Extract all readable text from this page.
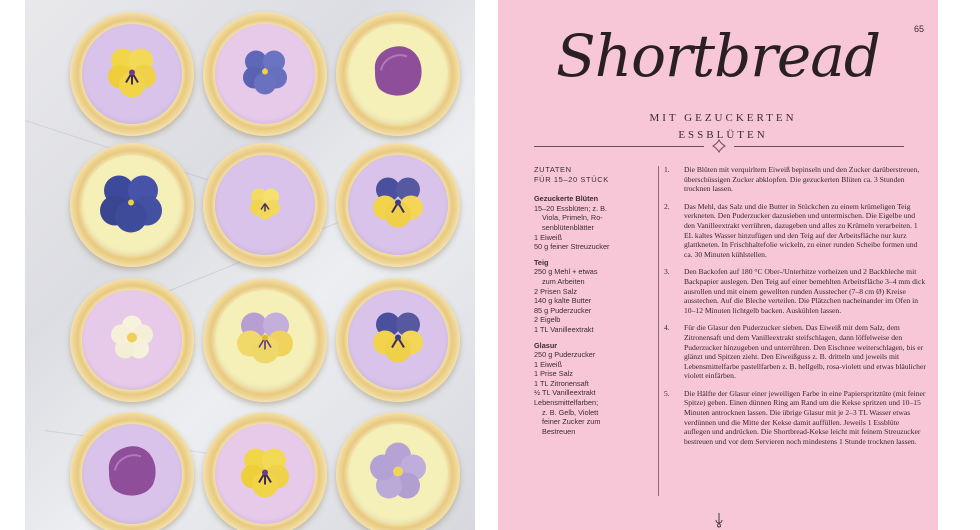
65
Shortbread
MIT GEZUCKERTEN ESSBLÜTEN
ZUTATEN
FÜR 15–20 STÜCK
Gezuckerte Blüten
15–20 Essblüten; z. B.
Viola, Primeln, Ro-
senblütenblätter
1 Eiweiß
50 g feiner Streuzucker
Teig
250 g Mehl + etwas
zum Arbeiten
2 Prisen Salz
140 g kalte Butter
85 g Puderzucker
2 Eigelb
1 TL Vanilleextrakt
Glasur
250 g Puderzucker
1 Eiweiß
1 Prise Salz
1 TL Zitronensaft
½ TL Vanilleextrakt
Lebensmittelfarben;
z. B. Gelb, Violett
feiner Zucker zum
Bestreuen
1. Die Blüten mit verquirltem Eiweiß bepinseln und den Zucker darüberstreuen, überschüssigen Zucker abklopfen. Die gezuckerten Blüten ca. 3 Stunden trocknen lassen.
2. Das Mehl, das Salz und die Butter in Stückchen zu einem krümeligen Teig verkneten. Den Puderzucker dazusieben und untermischen. Die Eigelbe und den Vanilleextrakt verrühren, dazugeben und alles zu Krümeln verarbeiten. 1 EL kaltes Wasser hinzufügen und den Teig auf der Arbeitsfläche nur kurz glattkneten. In Frischhaltefolie wickeln, zu einer runden Scheibe formen und ca. 30 Minuten kühlstellen.
3. Den Backofen auf 180 °C Ober-/Unterhitze vorheizen und 2 Backbleche mit Backpapier auslegen. Den Teig auf einer bemehlten Arbeitsfläche 3–4 mm dick ausrollen und mit einem gewellten runden Ausstecher (7–8 cm Ø) Kreise ausstechen. Auf die Bleche verteilen. Die Plätzchen nacheinander im Ofen in 10–12 Minuten lichtgelb backen. Auskühlen lassen.
4. Für die Glasur den Puderzucker sieben. Das Eiweiß mit dem Salz, dem Zitronensaft und dem Vanilleextrakt steifschlagen, dann löffelweise den Puderzucker hinzugeben und unterrühren. Den Eischnee weiterschlagen, bis er glänzt und Spitzen zieht. Den Eiweißguss z. B. dritteln und jeweils mit Lebensmittelfarbe pastellfarben z. B. hellgelb, rosa-violett und etwas bläulicher violett einfärben.
5. Die Hälfte der Glasur einer jeweiligen Farbe in eine Papierspritztüte (mit feiner Spitze) geben. Einen dünnen Ring am Rand um die Kekse spritzen und 10–15 Minuten antrocknen lassen. Die übrige Glasur mit je 2–3 TL Wasser etwas verdünnen und die Mitte der Kekse damit auffüllen. Jeweils 1 Essblüte auflegen und andrücken. Die Shortbread-Kekse leicht mit feinem Streuzucker bestreuen und vor dem Servieren noch mindestens 1 Stunde trocknen lassen.
